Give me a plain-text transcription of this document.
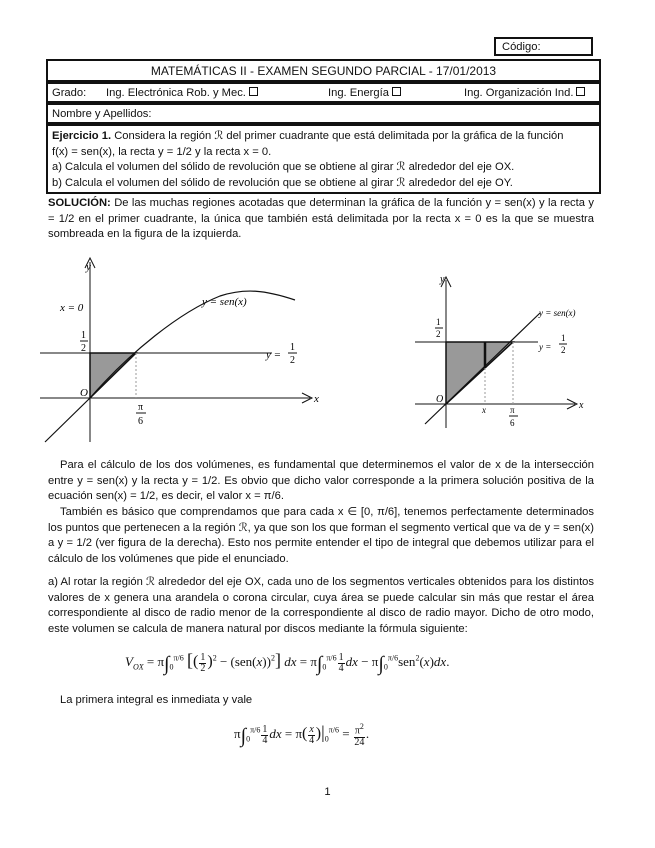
Código:
MATEMÁTICAS II - EXAMEN SEGUNDO PARCIAL - 17/01/2013
Grado: Ing. Electrónica Rob. y Mec.	Ing. Energía	Ing. Organización Ind.
Nombre y Apellidos:
Ejercicio 1. Considera la región ℛ del primer cuadrante que está delimitada por la gráfica de la función
f(x) = sen(x), la recta y = 1/2 y la recta x = 0.
a) Calcula el volumen del sólido de revolución que se obtiene al girar ℛ alrededor del eje OX.
b) Calcula el volumen del sólido de revolución que se obtiene al girar ℛ alrededor del eje OY.
SOLUCIÓN: De las muchas regiones acotadas que determinan la gráfica de la función y = sen(x) y la recta y = 1/2 en el primer cuadrante, la única que también está delimitada por la recta x = 0 es la que se muestra sombreada en la figura de la izquierda.
y
x
O
x = 0	y = sen(x)
1
2
y =
1
2
π
6
y
x
O
y = sen(x)
1
2
y =
1
2
x	π
6
Para el cálculo de los dos volúmenes, es fundamental que determinemos el valor de x de la intersección entre y = sen(x) y la recta y = 1/2. Es obvio que dicho valor corresponde a la primera solución positiva de la ecuación sen(x) = 1/2, es decir, el valor x = π/6.
También es básico que comprendamos que para cada x ∈ [0, π/6], tenemos perfectamente determinados los puntos que pertenecen a la región ℛ, ya que son los que forman el segmento vertical que va de y = sen(x) a y = 1/2 (ver figura de la derecha). Esto nos permite entender el tipo de integral que debemos utilizar para el cálculo de los volúmenes que pide el enunciado.
a) Al rotar la región ℛ alrededor del eje OX, cada uno de los segmentos verticales obtenidos para los distintos valores de x genera una arandela o corona circular, cuya área se puede calcular sin más que restar el área correspondiente al disco de radio menor de la correspondiente al disco de radio mayor. Dicho de otro modo, este volumen se calcula de manera natural por discos mediante la fórmula siguiente:
$V_{OX} = \pi\int_0^{\pi/6}$ [( $\frac{1}{2} )^2 - (sen(x))^2$] dx = $\pi\int_0^{\pi/6} \frac{1}{4}$ dx − $\pi\int_0^{\pi/6}sen^2(x)dx$.
La primera integral es inmediata y vale
$\pi\int_0^{\pi/6} \frac{1}{4}$ dx = $\pi( \frac{x}{4} )|_0^{\pi/6} = \frac{\pi^2}{24}$ .
1
